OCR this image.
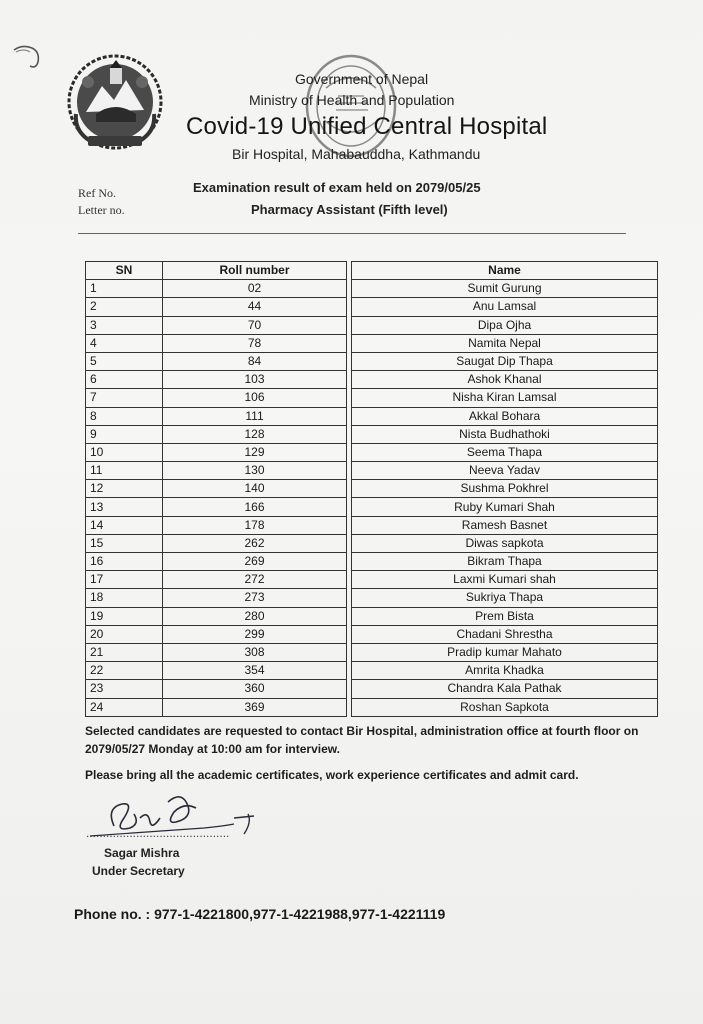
Government of Nepal
Ministry of Health and Population
Covid-19 Unified Central Hospital
Bir Hospital, Mahabauddha, Kathmandu
Ref No.
Letter no.
Examination result of exam held on 2079/05/25
Pharmacy Assistant (Fifth level)
SN	Roll number		Name
1	02		Sumit Gurung
2	44		Anu Lamsal
3	70		Dipa Ojha
4	78		Namita Nepal
5	84		Saugat Dip Thapa
6	103		Ashok Khanal
7	106		Nisha Kiran Lamsal
8	111		Akkal Bohara
9	128		Nista Budhathoki
10	129		Seema Thapa
11	130		Neeva Yadav
12	140		Sushma Pokhrel
13	166		Ruby Kumari Shah
14	178		Ramesh Basnet
15	262		Diwas sapkota
16	269		Bikram Thapa
17	272		Laxmi Kumari shah
18	273		Sukriya Thapa
19	280		Prem Bista
20	299		Chadani Shrestha
21	308		Pradip kumar Mahato
22	354		Amrita Khadka
23	360		Chandra Kala Pathak
24	369		Roshan Sapkota
Selected candidates are requested to contact Bir Hospital, administration office at fourth floor on 2079/05/27 Monday at 10:00 am for interview.
Please bring all the academic certificates, work experience certificates and admit card.
...........................................
Sagar Mishra
Under Secretary
Phone no. : 977-1-4221800,977-1-4221988,977-1-4221119
